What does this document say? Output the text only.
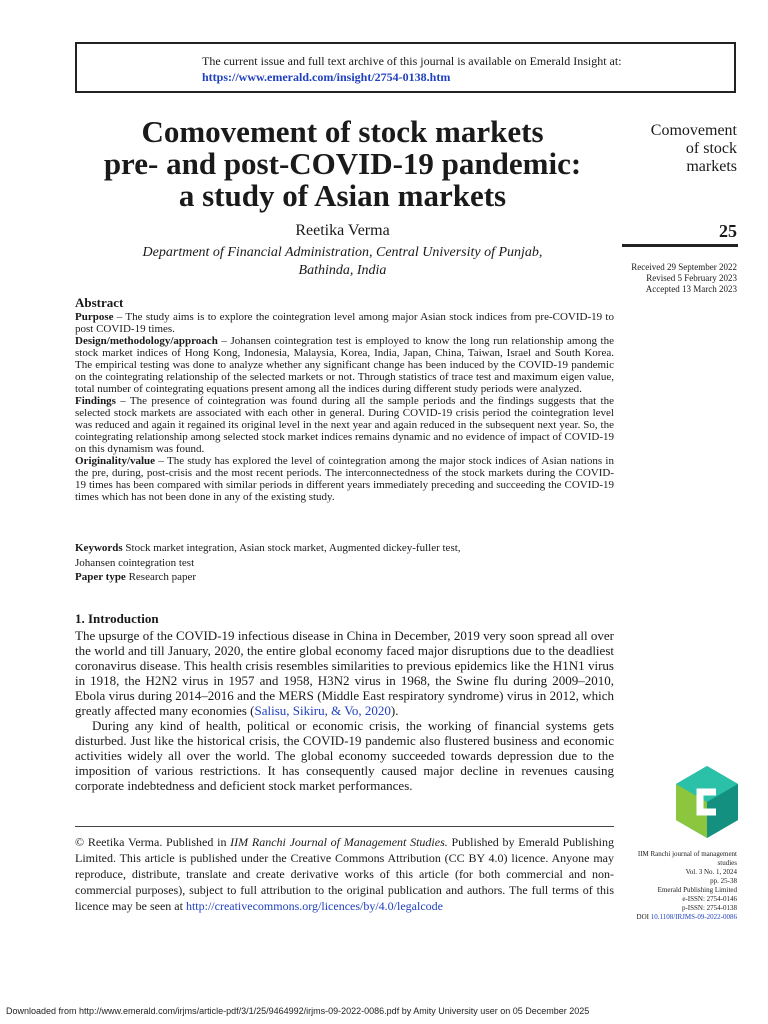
The current issue and full text archive of this journal is available on Emerald Insight at:
https://www.emerald.com/insight/2754-0138.htm
Comovement of stock markets
pre- and post-COVID-19 pandemic:
a study of Asian markets
Comovement
of stock
markets
25
Received 29 September 2022
Revised 5 February 2023
Accepted 13 March 2023
Reetika Verma
Department of Financial Administration, Central University of Punjab,
Bathinda, India
Abstract

Purpose – The study aims is to explore the cointegration level among major Asian stock indices from pre-COVID-19 to post COVID-19 times.

Design/methodology/approach – Johansen cointegration test is employed to know the long run relationship among the stock market indices of Hong Kong, Indonesia, Malaysia, Korea, India, Japan, China, Taiwan, Israel and South Korea. The empirical testing was done to analyze whether any significant change has been induced by the COVID-19 pandemic on the cointegrating relationship of the selected markets or not. Through statistics of trace test and maximum eigen value, total number of cointegrating equations present among all the indices during different study periods were analyzed.

Findings – The presence of cointegration was found during all the sample periods and the findings suggests that the selected stock markets are associated with each other in general. During COVID-19 crisis period the cointegration level was reduced and again it regained its original level in the next year and again reduced in the subsequent next year. So, the cointegrating relationship among selected stock market indices remains dynamic and no evidence of impact of COVID-19 on this dynamism was found.

Originality/value – The study has explored the level of cointegration among the major stock indices of Asian nations in the pre, during, post-crisis and the most recent periods. The interconnectedness of the stock markets during the COVID-19 times has been compared with similar periods in different years immediately preceding and succeeding the COVID-19 times which has not been done in any of the existing study.

Keywords Stock market integration, Asian stock market, Augmented dickey-fuller test,
Johansen cointegration test
Paper type Research paper
1. Introduction

The upsurge of the COVID-19 infectious disease in China in December, 2019 very soon spread all over the world and till January, 2020, the entire global economy faced major disruptions due to the deadliest coronavirus disease. This health crisis resembles similarities to previous epidemics like the H1N1 virus in 1918, the H2N2 virus in 1957 and 1958, H3N2 virus in 1968, the Swine flu during 2009–2010, Ebola virus during 2014–2016 and the MERS (Middle East respiratory syndrome) virus in 2012, which greatly affected many economies (Salisu, Sikiru, & Vo, 2020).

During any kind of health, political or economic crisis, the working of financial systems gets disturbed. Just like the historical crisis, the COVID-19 pandemic also flustered business and economic activities widely all over the world. The global economy succeeded towards depression due to the imposition of various restrictions. It has consequently caused major decline in revenues causing corporate indebtedness and deficient stock market performances.

© Reetika Verma. Published in IIM Ranchi Journal of Management Studies. Published by Emerald Publishing Limited. This article is published under the Creative Commons Attribution (CC BY 4.0) licence. Anyone may reproduce, distribute, translate and create derivative works of this article (for both commercial and non-commercial purposes), subject to full attribution to the original publication and authors. The full terms of this licence may be seen at http://creativecommons.org/licences/by/4.0/legalcode
IIM Ranchi journal of management
studies
Vol. 3 No. 1, 2024
pp. 25-38
Emerald Publishing Limited
e-ISSN: 2754-0146
p-ISSN: 2754-0138
DOI 10.1108/IRJMS-09-2022-0086
Downloaded from http://www.emerald.com/irjms/article-pdf/3/1/25/9464992/irjms-09-2022-0086.pdf by Amity University user on 05 December 2025
